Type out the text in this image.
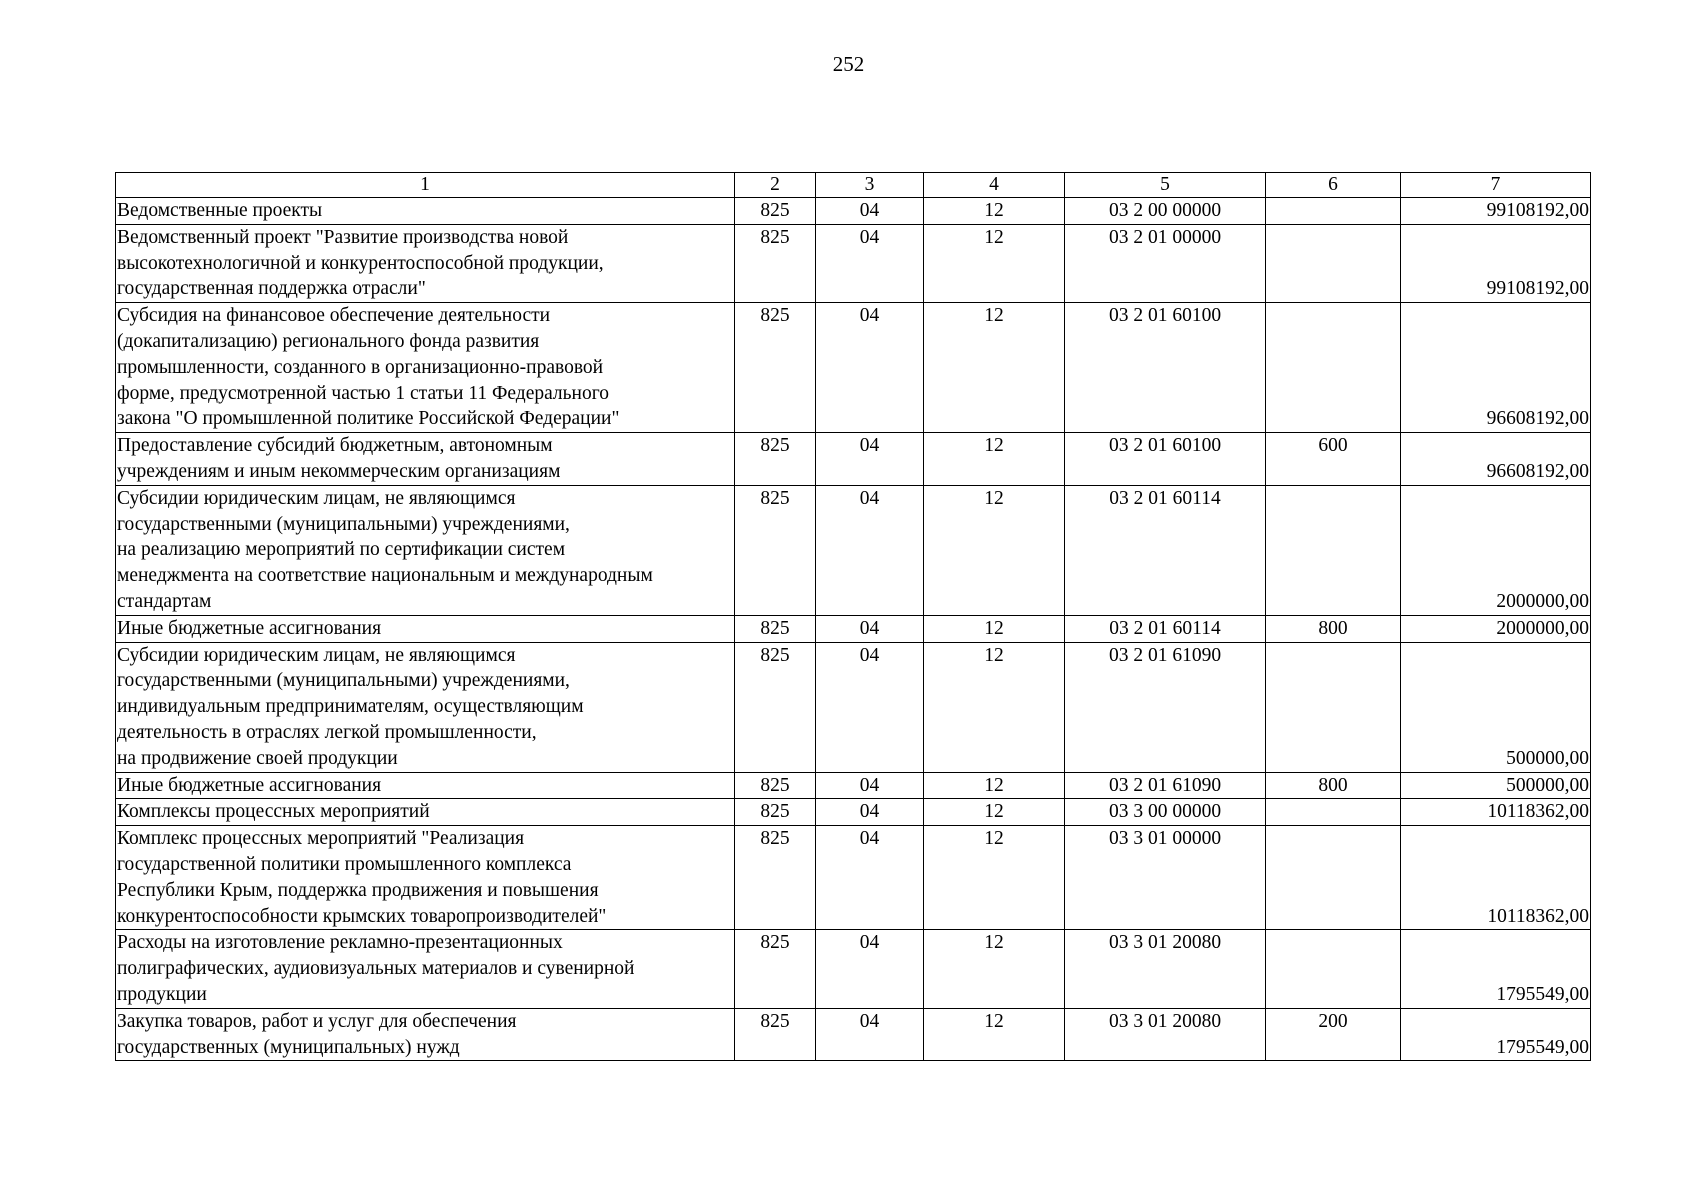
252
1	2	3	4	5	6	7
Ведомственные проекты	825	04	12	03 2 00 00000		99108192,00
Ведомственный проект "Развитие производства новой
высокотехнологичной и конкурентоспособной продукции,
государственная поддержка отрасли"	825	04	12	03 2 01 00000		99108192,00
Субсидия на финансовое обеспечение деятельности
(докапитализацию) регионального фонда развития
промышленности, созданного в организационно-правовой
форме, предусмотренной частью 1 статьи 11 Федерального
закона "О промышленной политике Российской Федерации"	825	04	12	03 2 01 60100		96608192,00
Предоставление субсидий бюджетным, автономным
учреждениям и иным некоммерческим организациям	825	04	12	03 2 01 60100	600	96608192,00
Субсидии юридическим лицам, не являющимся
государственными (муниципальными) учреждениями,
на реализацию мероприятий по сертификации систем
менеджмента на соответствие национальным и международным
стандартам	825	04	12	03 2 01 60114		2000000,00
Иные бюджетные ассигнования	825	04	12	03 2 01 60114	800	2000000,00
Субсидии юридическим лицам, не являющимся
государственными (муниципальными) учреждениями,
индивидуальным предпринимателям, осуществляющим
деятельность в отраслях легкой промышленности,
на продвижение своей продукции	825	04	12	03 2 01 61090		500000,00
Иные бюджетные ассигнования	825	04	12	03 2 01 61090	800	500000,00
Комплексы процессных мероприятий	825	04	12	03 3 00 00000		10118362,00
Комплекс процессных мероприятий "Реализация
государственной политики промышленного комплекса
Республики Крым, поддержка продвижения и повышения
конкурентоспособности крымских товаропроизводителей"	825	04	12	03 3 01 00000		10118362,00
Расходы на изготовление рекламно-презентационных
полиграфических, аудиовизуальных материалов и сувенирной
продукции	825	04	12	03 3 01 20080		1795549,00
Закупка товаров, работ и услуг для обеспечения
государственных (муниципальных) нужд	825	04	12	03 3 01 20080	200	1795549,00
